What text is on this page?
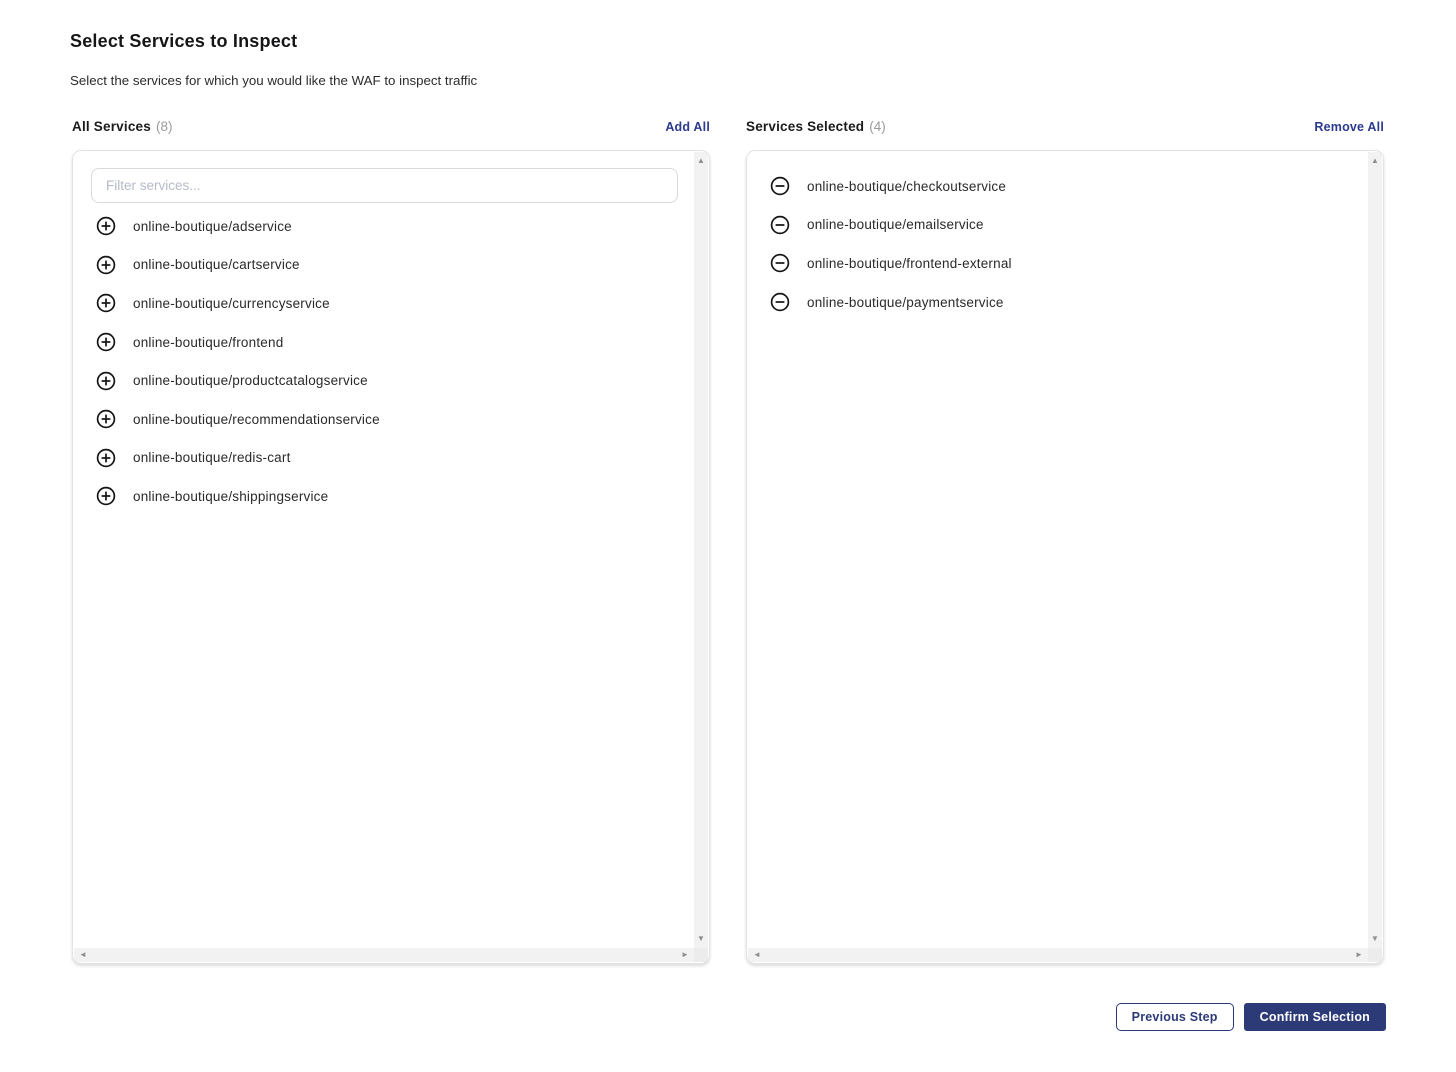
Select Services to Inspect

Select the services for which you would like the WAF to inspect traffic

All Services (8)	Add All	Services Selected (4)	Remove All
Filter services...
online-boutique/adservice
online-boutique/cartservice
online-boutique/currencyservice
online-boutique/frontend
online-boutique/productcatalogservice
online-boutique/recommendationservice
online-boutique/redis-cart
online-boutique/shippingservice
▲
▼
◄	►
online-boutique/checkoutservice
online-boutique/emailservice
online-boutique/frontend-external
online-boutique/paymentservice
▲
▼
◄	►
Previous Step	Confirm Selection
